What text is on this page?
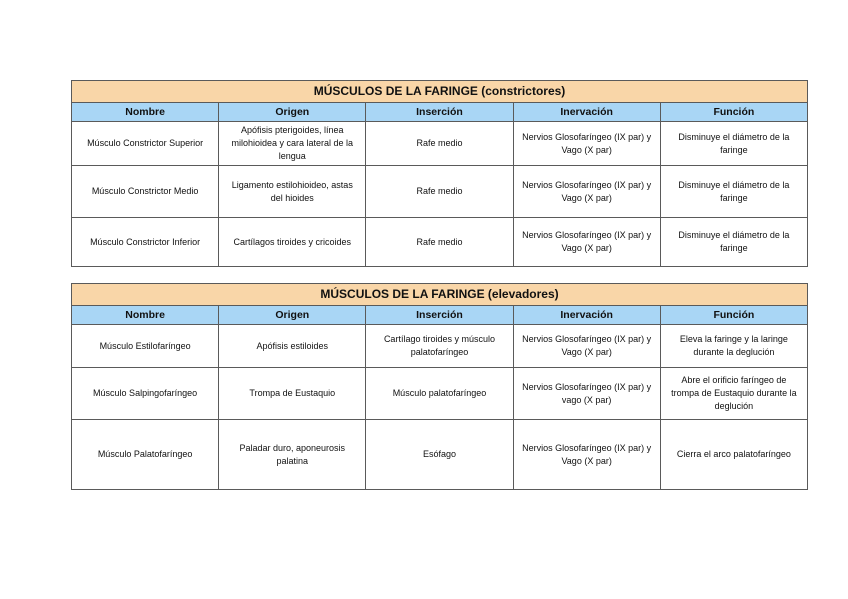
MÚSCULOS DE LA FARINGE (constrictores)				
Nombre	Origen	Inserción	Inervación	Función
Músculo Constrictor Superior	Apófisis pterigoides, línea milohioidea y cara lateral de la lengua	Rafe medio	Nervios Glosofaríngeo (IX par) y Vago (X par)	Disminuye el diámetro de la faringe
Músculo Constrictor Medio	Ligamento estilohioideo, astas del hioides	Rafe medio	Nervios Glosofaríngeo (IX par) y Vago (X par)	Disminuye el diámetro de la faringe
Músculo Constrictor Inferior	Cartílagos tiroides y cricoides	Rafe medio	Nervios Glosofaríngeo (IX par) y Vago (X par)	Disminuye el diámetro de la faringe
MÚSCULOS DE LA FARINGE (elevadores)				
Nombre	Origen	Inserción	Inervación	Función
Músculo Estilofaríngeo	Apófisis estiloides	Cartílago tiroides y músculo palatofaríngeo	Nervios Glosofaríngeo (IX par) y Vago (X par)	Eleva la faringe y la laringe durante la deglución
Músculo Salpingofaríngeo	Trompa de Eustaquio	Músculo palatofaríngeo	Nervios Glosofaríngeo (IX par) y vago (X par)	Abre el orificio faríngeo de trompa de Eustaquio durante la deglución
Músculo Palatofaríngeo	Paladar duro, aponeurosis palatina	Esófago	Nervios Glosofaríngeo (IX par) y Vago (X par)	Cierra el arco palatofaríngeo
